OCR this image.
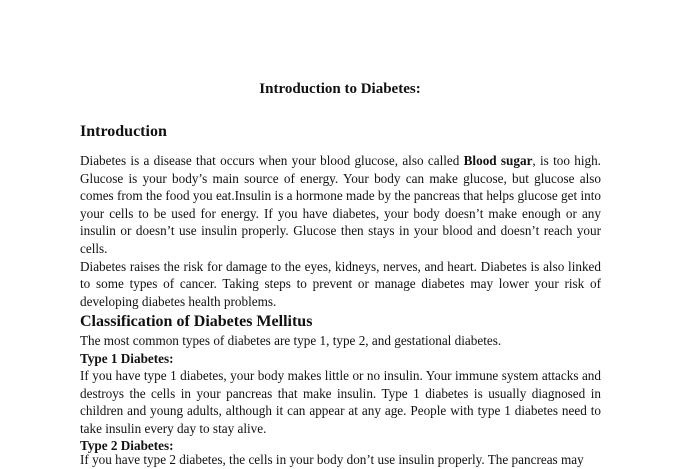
Introduction to Diabetes:
Introduction

Diabetes is a disease that occurs when your blood glucose, also called Blood sugar, is too high. Glucose is your body’s main source of energy. Your body can make glucose, but glucose also comes from the food you eat.Insulin is a hormone made by the pancreas that helps glucose get into your cells to be used for energy. If you have diabetes, your body doesn’t make enough or any insulin or doesn’t use insulin properly. Glucose then stays in your blood and doesn’t reach your cells.

Diabetes raises the risk for damage to the eyes, kidneys, nerves, and heart. Diabetes is also linked to some types of cancer. Taking steps to prevent or manage diabetes may lower your risk of developing diabetes health problems.

Classification of Diabetes Mellitus

The most common types of diabetes are type 1, type 2, and gestational diabetes.

Type 1 Diabetes:

If you have type 1 diabetes, your body makes little or no insulin. Your immune system attacks and destroys the cells in your pancreas that make insulin. Type 1 diabetes is usually diagnosed in children and young adults, although it can appear at any age. People with type 1 diabetes need to take insulin every day to stay alive.

Type 2 Diabetes:

If you have type 2 diabetes, the cells in your body don’t use insulin properly. The pancreas may
